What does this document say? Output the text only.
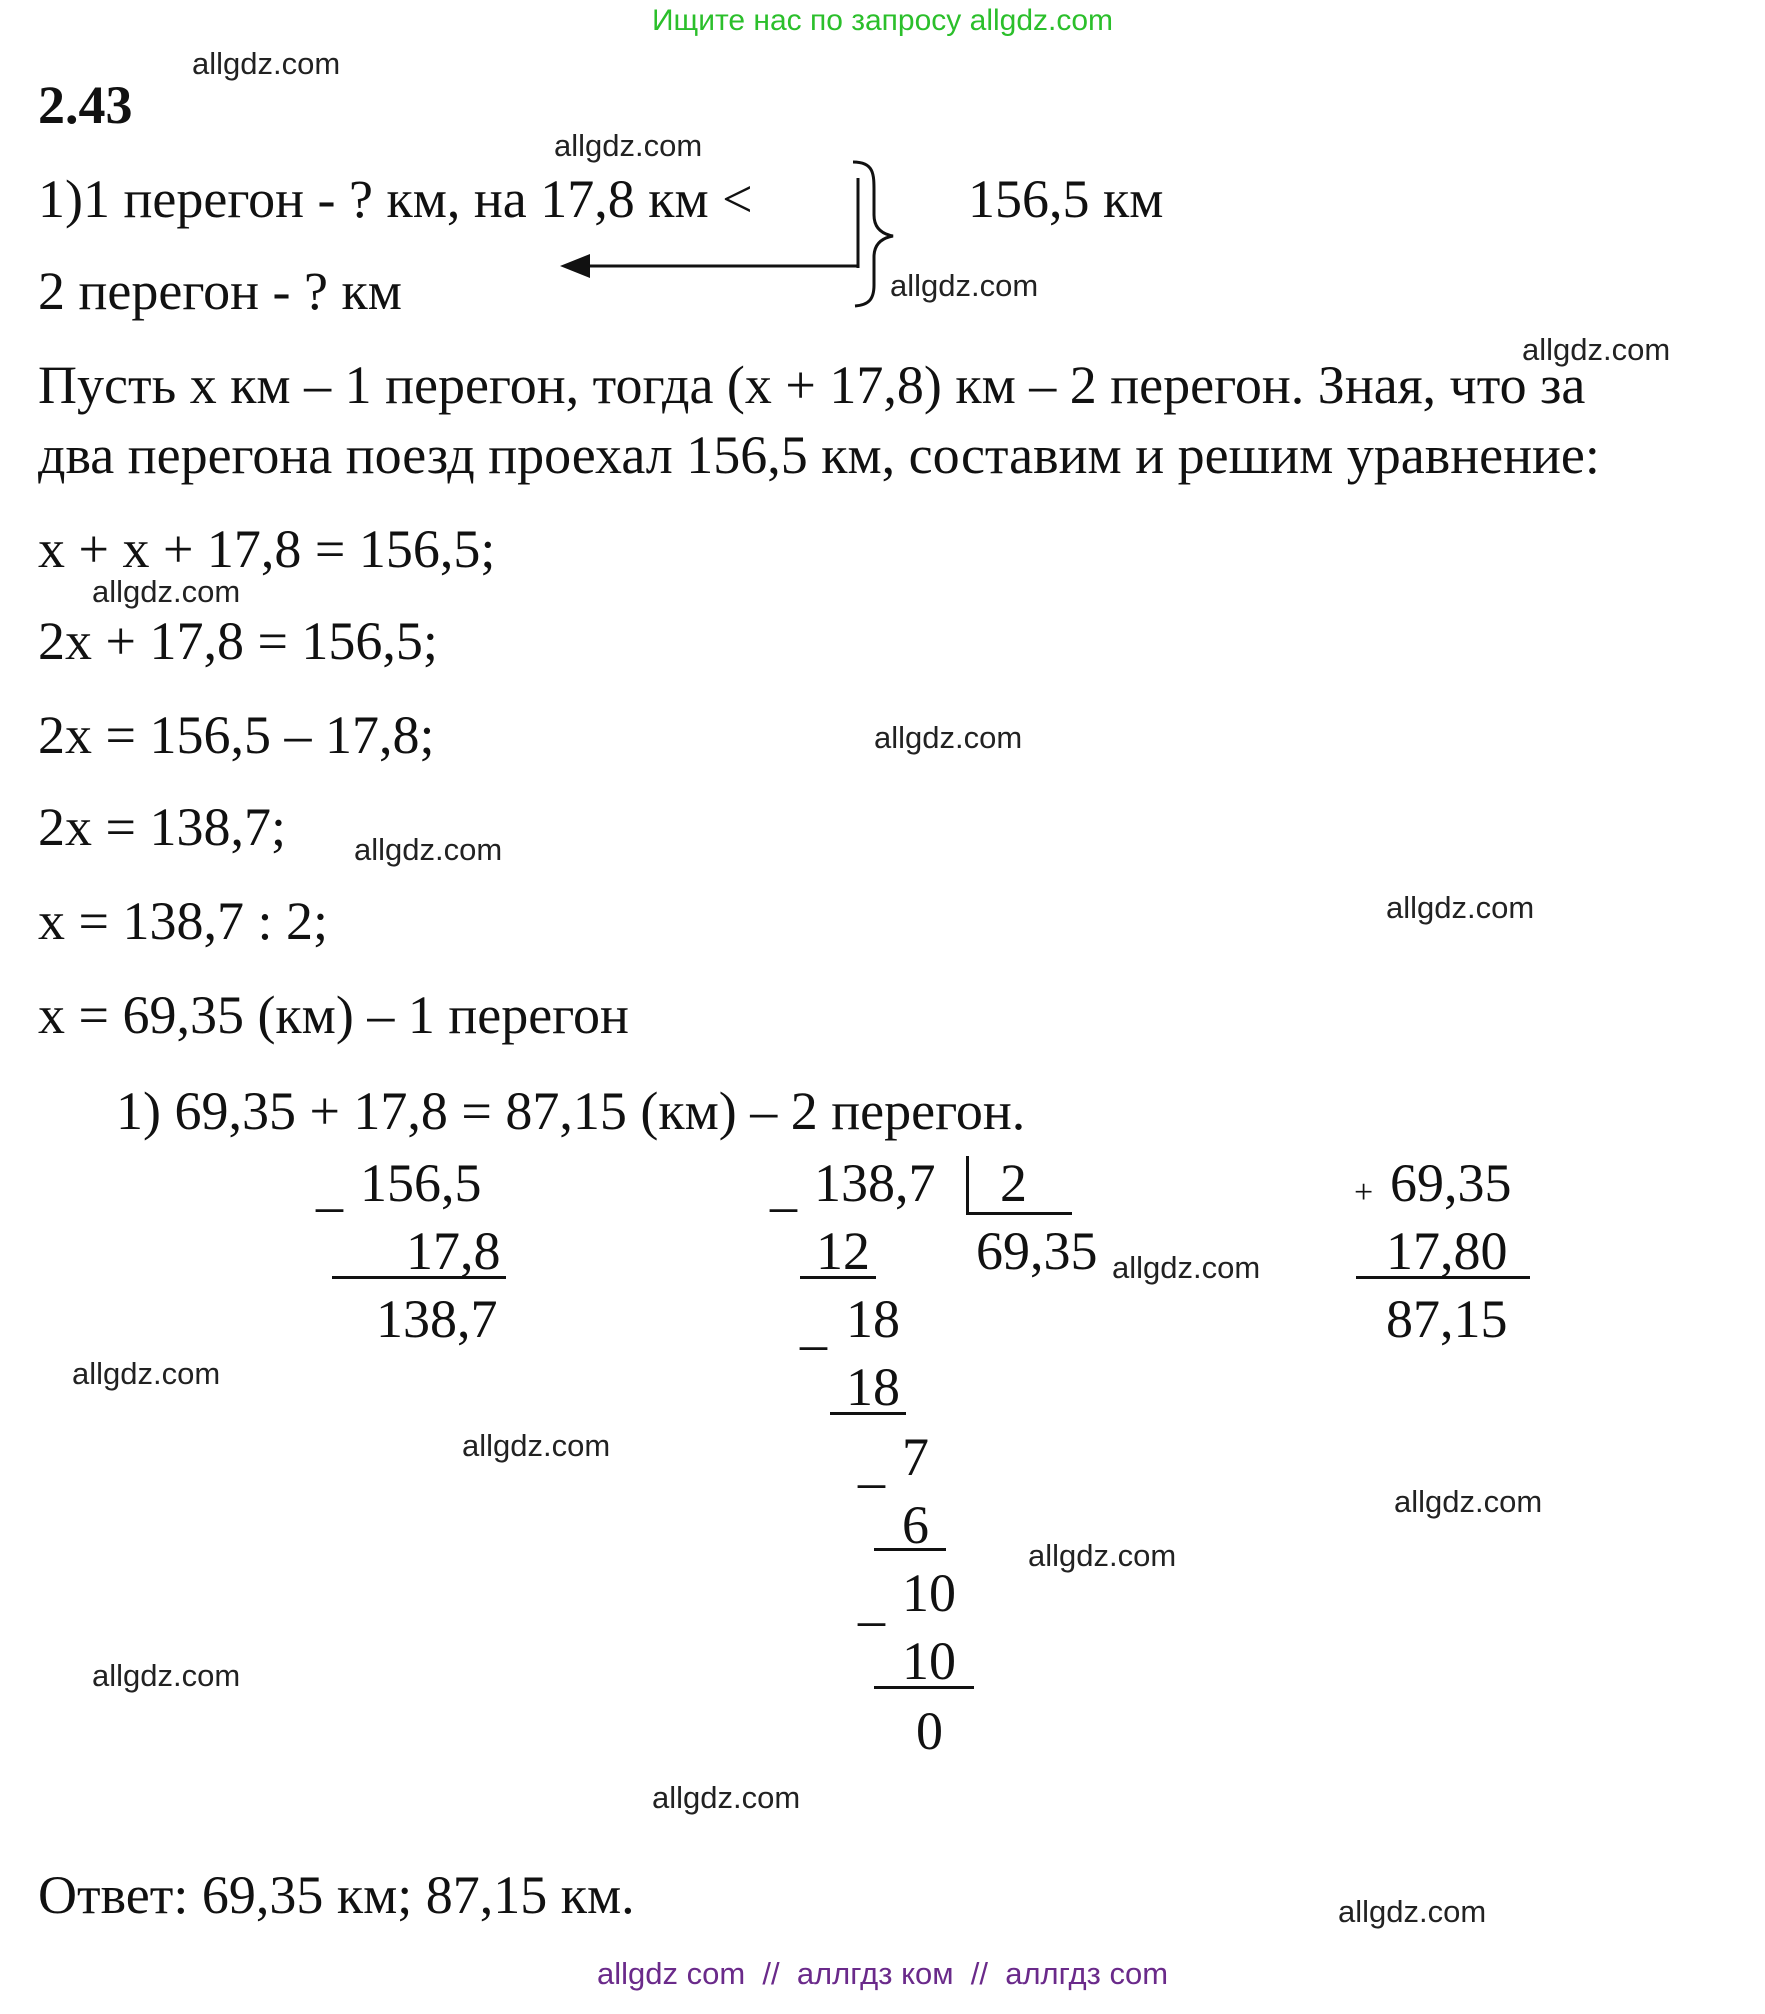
Ищите нас по запросу allgdz.com
2.43
1)1 перегон - ? км, на 17,8 км <
2 перегон - ? км
156,5 км
Пусть х км – 1 перегон, тогда (х + 17,8) км – 2 перегон. Зная, что за
два перегона поезд проехал 156,5 км, составим и решим уравнение:
х + х + 17,8 = 156,5;
2х + 17,8 = 156,5;
2х = 156,5 – 17,8;
2х = 138,7;
х = 138,7 : 2;
х = 69,35 (км) – 1 перегон
1) 69,35 + 17,8 = 87,15 (км) – 2 перегон.
_ 156,5
17,8
138,7
_ 138,7 2
69,35
12
_ 18
18
_ 7
6
_ 10
10
0
+ 69,35
17,80
87,15
Ответ: 69,35 км; 87,15 км.
allgdz.com
allgdz.com
allgdz.com
allgdz.com
allgdz.com
allgdz.com
allgdz.com
allgdz.com
allgdz.com
allgdz.com
allgdz.com
allgdz.com
allgdz.com
allgdz.com
allgdz.com
allgdz.com
allgdz com  //  аллгдз ком  //  аллгдз com
